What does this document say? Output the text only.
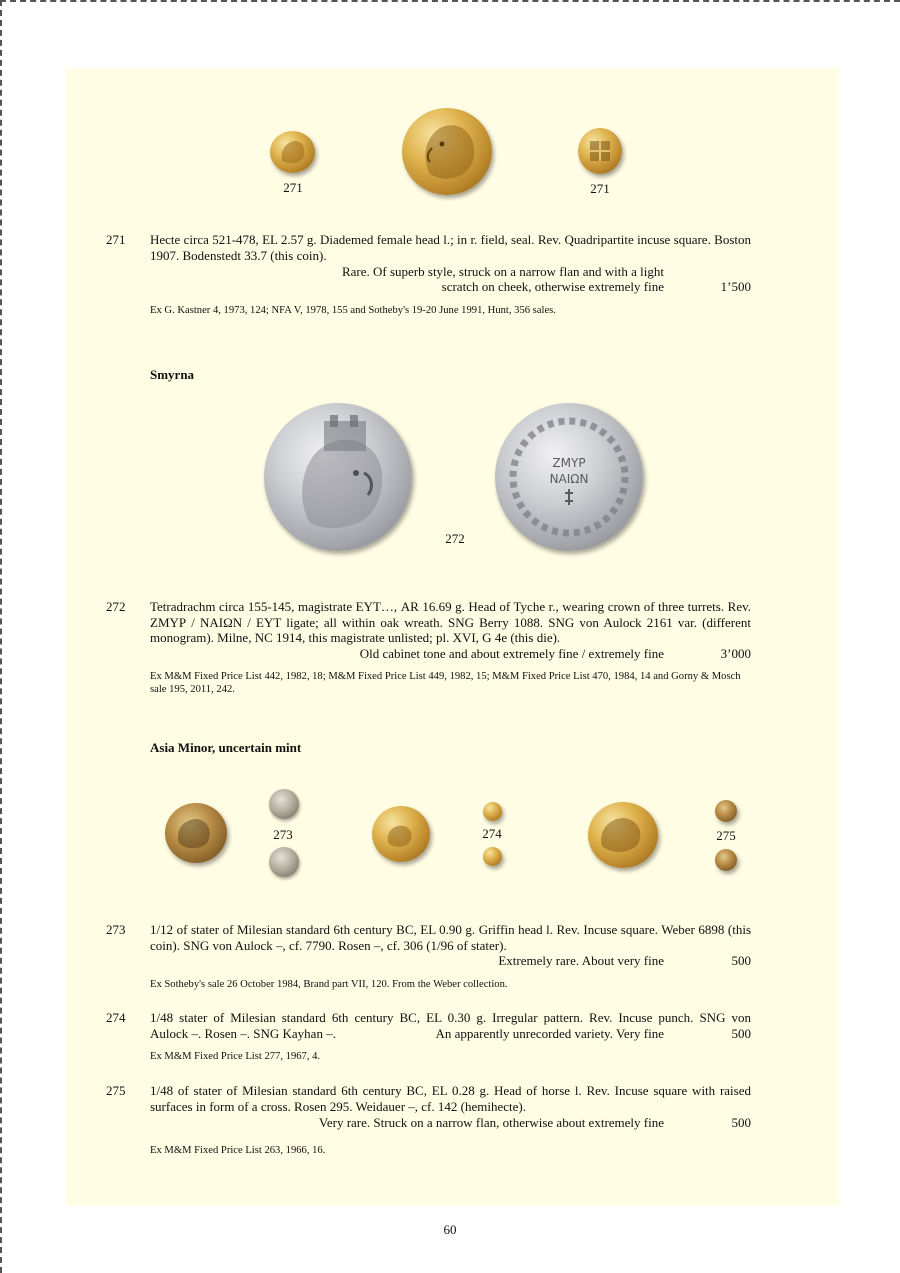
271	271
271 Hecte circa 521-478, EL 2.57 g. Diademed female head l.; in r. field, seal. Rev. Quadripartite incuse square. Boston 1907. Bodenstedt 33.7 (this coin).
Rare. Of superb style, struck on a narrow flan and with a light
scratch on cheek, otherwise extremely fine	1’500
Ex G. Kastner 4, 1973, 124; NFA V, 1978, 155 and Sotheby's 19-20 June 1991, Hunt, 356 sales.
Smyrna
ΖΜΥΡ
ΝΑΙΩΝ
272
272 Tetradrachm circa 155-145, magistrate ΕΥΤ…, AR 16.69 g. Head of Tyche r., wearing crown of three turrets. Rev. ΖΜΥΡ / ΝΑΙΩΝ / ΕΥΤ ligate; all within oak wreath. SNG Berry 1088. SNG von Aulock 2161 var. (different monogram). Milne, NC 1914, this magistrate unlisted; pl. XVI, G 4e (this die).
Old cabinet tone and about extremely fine / extremely fine	3’000
Ex M&M Fixed Price List 442, 1982, 18; M&M Fixed Price List 449, 1982, 15; M&M Fixed Price List 470, 1984, 14 and Gorny & Mosch sale 195, 2011, 242.
Asia Minor, uncertain mint
273	274	275
273 1/12 of stater of Milesian standard 6th century BC, EL 0.90 g. Griffin head l. Rev. Incuse square. Weber 6898 (this coin). SNG von Aulock –, cf. 7790. Rosen –, cf. 306 (1/96 of stater).
Extremely rare. About very fine	500
Ex Sotheby's sale 26 October 1984, Brand part VII, 120. From the Weber collection.
274 1/48 stater of Milesian standard 6th century BC, EL 0.30 g. Irregular pattern. Rev. Incuse punch. SNG von
Aulock –. Rosen –. SNG Kayhan –.	An apparently unrecorded variety. Very fine	500
Ex M&M Fixed Price List 277, 1967, 4.
275 1/48 of stater of Milesian standard 6th century BC, EL 0.28 g. Head of horse l. Rev. Incuse square with raised surfaces in form of a cross. Rosen 295. Weidauer –, cf. 142 (hemihecte).
Very rare. Struck on a narrow flan, otherwise about extremely fine	500
Ex M&M Fixed Price List 263, 1966, 16.
60
